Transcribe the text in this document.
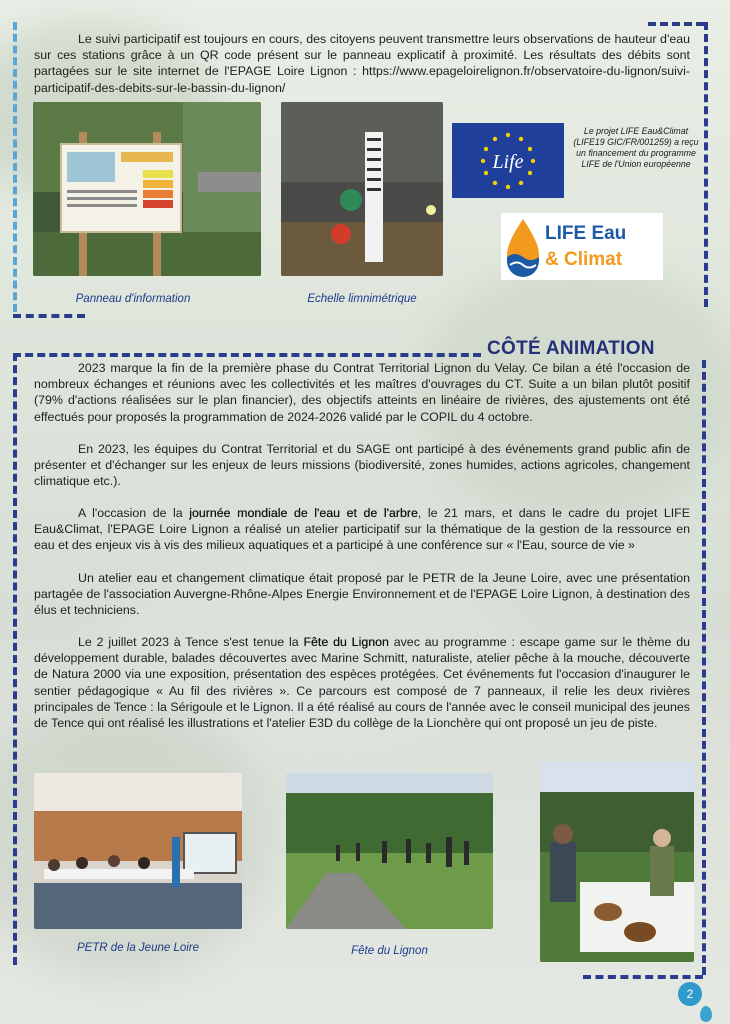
Le suivi participatif est toujours en cours, des citoyens peuvent transmettre leurs observations de hauteur d'eau sur ces stations grâce à un QR code présent sur le panneau explicatif à proximité. Les résultats des débits sont partagées sur le site internet de l'EPAGE Loire Lignon : https://www.epageloirelignon.fr/observatoire-du-lignon/suivi-participatif-des-debits-sur-le-bassin-du-lignon/

Panneau d'information	Echelle limnimétrique
Life
Le projet LIFE Eau&Climat (LIFE19 GIC/FR/001259) a reçu un financement du programme LIFE de l'Union européenne
LIFE Eau
& Climat
CÔTÉ ANIMATION

2023 marque la fin de la première phase du Contrat Territorial Lignon du Velay. Ce bilan a été l'occasion de nombreux échanges et réunions avec les collectivités et les maîtres d'ouvrages du CT. Suite a un bilan plutôt positif (79% d'actions réalisées sur le plan financier), des objectifs atteints en linéaire de rivières, des ajustements ont été effectués pour proposés la programmation de 2024-2026 validé par le COPIL du 4 octobre.

En 2023, les équipes du Contrat Territorial et du SAGE ont participé à des événements grand public afin de présenter et d'échanger sur les enjeux de leurs missions (biodiversité, zones humides, actions agricoles, changement climatique etc.).

A l'occasion de la journée mondiale de l'eau et de l'arbre, le 21 mars, et dans le cadre du projet LIFE Eau&Climat, l'EPAGE Loire Lignon a réalisé un atelier participatif sur la thématique de la gestion de la ressource en eau et des enjeux vis à vis des milieux aquatiques et a participé à une conférence sur « l'Eau, source de vie »

Un atelier eau et changement climatique était proposé par le PETR de la Jeune Loire, avec une présentation partagée de l'association Auvergne-Rhône-Alpes Energie Environnement et de l'EPAGE Loire Lignon, à destination des élus et techniciens.

Le 2 juillet 2023 à Tence s'est tenue la Fête du Lignon avec au programme : escape game sur le thème du développement durable, balades découvertes avec Marine Schmitt, naturaliste, atelier pêche à la mouche, découverte de Natura 2000 via une exposition, présentation des espèces protégées. Cet événements fut l'occasion d'inaugurer le sentier pédagogique « Au fil des rivières ». Ce parcours est composé de 7 panneaux, il relie les deux rivières principales de Tence : la Sérigoule et le Lignon. Il a été réalisé au cours de l'année avec le conseil municipal des jeunes de Tence qui ont réalisé les illustrations et l'atelier E3D du collège de la Lionchère qui ont proposé un jeu de piste.

PETR de la Jeune Loire	Fête du Lignon
2
